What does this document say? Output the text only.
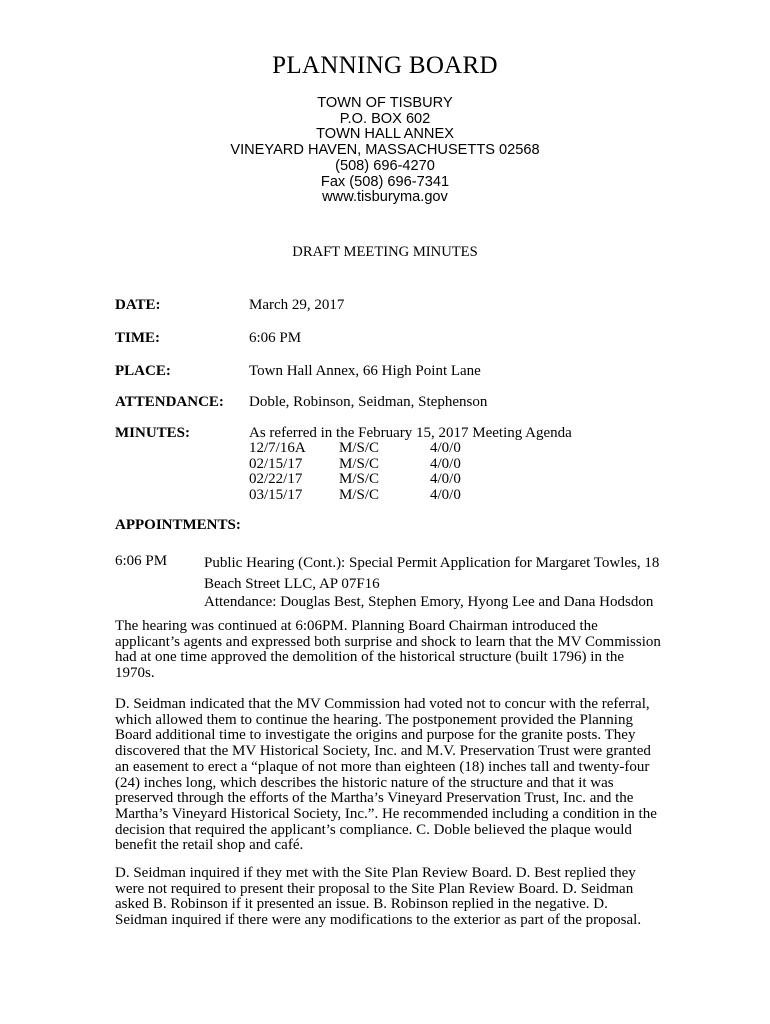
PLANNING BOARD
TOWN OF TISBURY
P.O. BOX 602
TOWN HALL ANNEX
VINEYARD HAVEN, MASSACHUSETTS 02568
(508) 696-4270
Fax (508) 696-7341
www.tisburyma.gov
DRAFT MEETING MINUTES
DATE:	March 29, 2017
TIME:	6:06 PM
PLACE:	Town Hall Annex, 66 High Point Lane
ATTENDANCE: Doble, Robinson, Seidman, Stephenson
MINUTES:	As referred in the February 15, 2017 Meeting Agenda
12/7/16A M/S/C	4/0/0
02/15/17 M/S/C	4/0/0
02/22/17 M/S/C	4/0/0
03/15/17 M/S/C	4/0/0
APPOINTMENTS:
6:06 PM Public Hearing (Cont.): Special Permit Application for Margaret Towles, 18 Beach Street LLC, AP 07F16
Attendance: Douglas Best, Stephen Emory, Hyong Lee and Dana Hodsdon

The hearing was continued at 6:06PM. Planning Board Chairman introduced the applicant’s agents and expressed both surprise and shock to learn that the MV Commission had at one time approved the demolition of the historical structure (built 1796) in the 1970s.

D. Seidman indicated that the MV Commission had voted not to concur with the referral, which allowed them to continue the hearing. The postponement provided the Planning Board additional time to investigate the origins and purpose for the granite posts. They discovered that the MV Historical Society, Inc. and M.V. Preservation Trust were granted an easement to erect a “plaque of not more than eighteen (18) inches tall and twenty-four (24) inches long, which describes the historic nature of the structure and that it was preserved through the efforts of the Martha’s Vineyard Preservation Trust, Inc. and the Martha’s Vineyard Historical Society, Inc.”. He recommended including a condition in the decision that required the applicant’s compliance. C. Doble believed the plaque would benefit the retail shop and café.

D. Seidman inquired if they met with the Site Plan Review Board. D. Best replied they were not required to present their proposal to the Site Plan Review Board. D. Seidman asked B. Robinson if it presented an issue. B. Robinson replied in the negative. D. Seidman inquired if there were any modifications to the exterior as part of the proposal.
